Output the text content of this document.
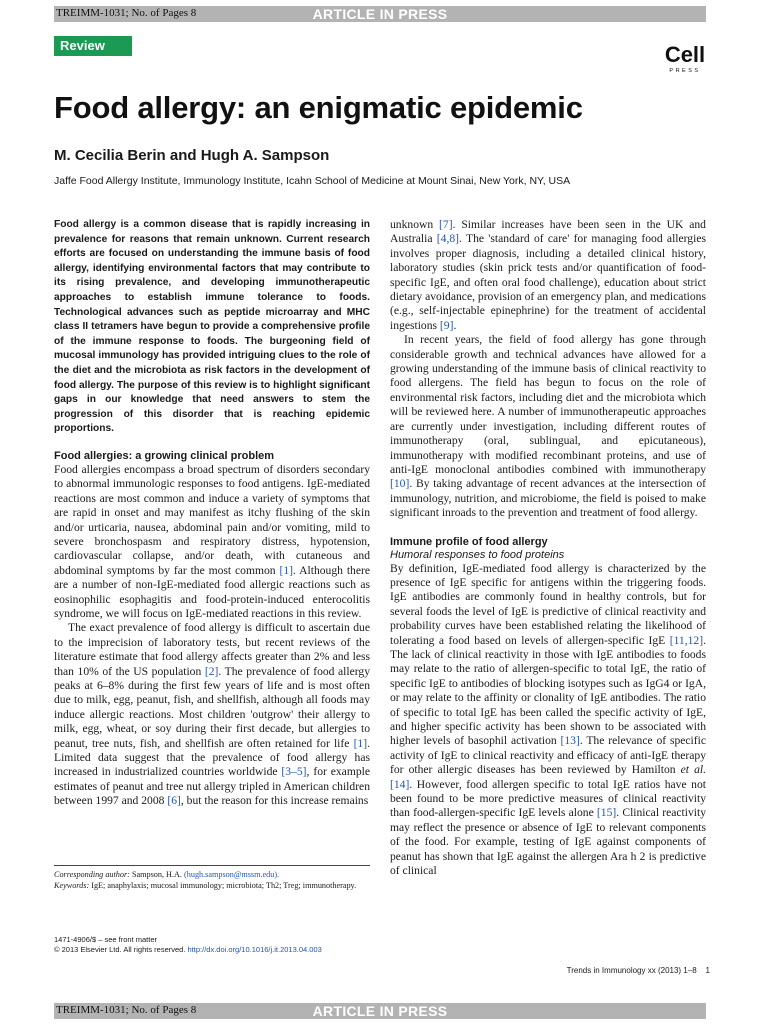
TREIMM-1031; No. of Pages 8	ARTICLE IN PRESS
Review	Cell
PRESS
Food allergy: an enigmatic epidemic
M. Cecilia Berin and Hugh A. Sampson
Jaffe Food Allergy Institute, Immunology Institute, Icahn School of Medicine at Mount Sinai, New York, NY, USA

Food allergy is a common disease that is rapidly increasing in prevalence for reasons that remain unknown. Current research efforts are focused on understanding the immune basis of food allergy, identifying environmental factors that may contribute to its rising prevalence, and developing immunotherapeutic approaches to establish immune tolerance to foods. Technological advances such as peptide microarray and MHC class II tetramers have begun to provide a comprehensive profile of the immune response to foods. The burgeoning field of mucosal immunology has provided intriguing clues to the role of the diet and the microbiota as risk factors in the development of food allergy. The purpose of this review is to highlight significant gaps in our knowledge that need answers to stem the progression of this disorder that is reaching epidemic proportions.

Food allergies: a growing clinical problem

Food allergies encompass a broad spectrum of disorders secondary to abnormal immunologic responses to food antigens. IgE-mediated reactions are most common and induce a variety of symptoms that are rapid in onset and may manifest as itchy flushing of the skin and/or urticaria, nausea, abdominal pain and/or vomiting, mild to severe bronchospasm and respiratory distress, hypotension, cardiovascular collapse, and/or death, with cutaneous and abdominal symptoms by far the most common [1]. Although there are a number of non-IgE-mediated food allergic reactions such as eosinophilic esophagitis and food-protein-induced enterocolitis syndrome, we will focus on IgE-mediated reactions in this review.

The exact prevalence of food allergy is difficult to ascertain due to the imprecision of laboratory tests, but recent reviews of the literature estimate that food allergy affects greater than 2% and less than 10% of the US population [2]. The prevalence of food allergy peaks at 6–8% during the first few years of life and is most often due to milk, egg, peanut, fish, and shellfish, although all foods may induce allergic reactions. Most children 'outgrow' their allergy to milk, egg, wheat, or soy during their first decade, but allergies to peanut, tree nuts, fish, and shellfish are often retained for life [1]. Limited data suggest that the prevalence of food allergy has increased in industrialized countries worldwide [3–5], for example estimates of peanut and tree nut allergy tripled in American children between 1997 and 2008 [6], but the reason for this increase remains

unknown [7]. Similar increases have been seen in the UK and Australia [4,8]. The 'standard of care' for managing food allergies involves proper diagnosis, including a detailed clinical history, laboratory studies (skin prick tests and/or quantification of food-specific IgE, and often oral food challenge), education about strict dietary avoidance, provision of an emergency plan, and medications (e.g., self-injectable epinephrine) for the treatment of accidental ingestions [9].

In recent years, the field of food allergy has gone through considerable growth and technical advances have allowed for a growing understanding of the immune basis of clinical reactivity to food allergens. The field has begun to focus on the role of environmental risk factors, including diet and the microbiota which will be reviewed here. A number of immunotherapeutic approaches are currently under investigation, including different routes of immunotherapy (oral, sublingual, and epicutaneous), immunotherapy with modified recombinant proteins, and use of anti-IgE monoclonal antibodies combined with immunotherapy [10]. By taking advantage of recent advances at the intersection of immunology, nutrition, and microbiome, the field is poised to make significant inroads to the prevention and treatment of food allergy.

Immune profile of food allergy

Humoral responses to food proteins

By definition, IgE-mediated food allergy is characterized by the presence of IgE specific for antigens within the triggering foods. IgE antibodies are commonly found in healthy controls, but for several foods the level of IgE is predictive of clinical reactivity and probability curves have been established relating the likelihood of tolerating a food based on levels of allergen-specific IgE [11,12]. The lack of clinical reactivity in those with IgE antibodies to foods may relate to the ratio of allergen-specific to total IgE, the ratio of specific IgE to antibodies of blocking isotypes such as IgG4 or IgA, or may relate to the affinity or clonality of IgE antibodies. The ratio of specific to total IgE has been called the specific activity of IgE, and higher specific activity has been shown to be associated with higher levels of basophil activation [13]. The relevance of specific activity of IgE to clinical reactivity and efficacy of anti-IgE therapy for other allergic diseases has been reviewed by Hamilton et al. [14]. However, food allergen specific to total IgE ratios have not been found to be more predictive measures of clinical reactivity than food-allergen-specific IgE levels alone [15]. Clinical reactivity may reflect the presence or absence of IgE to relevant components of the food. For example, testing of IgE against components of peanut has shown that IgE against the allergen Ara h 2 is predictive of clinical

Corresponding author: Sampson, H.A. (hugh.sampson@mssm.edu).

Keywords: IgE; anaphylaxis; mucosal immunology; microbiota; Th2; Treg; immunotherapy.

1471-4906/$ – see front matter
© 2013 Elsevier Ltd. All rights reserved. http://dx.doi.org/10.1016/j.it.2013.04.003
Trends in Immunology xx (2013) 1–8 1
TREIMM-1031; No. of Pages 8	ARTICLE IN PRESS
